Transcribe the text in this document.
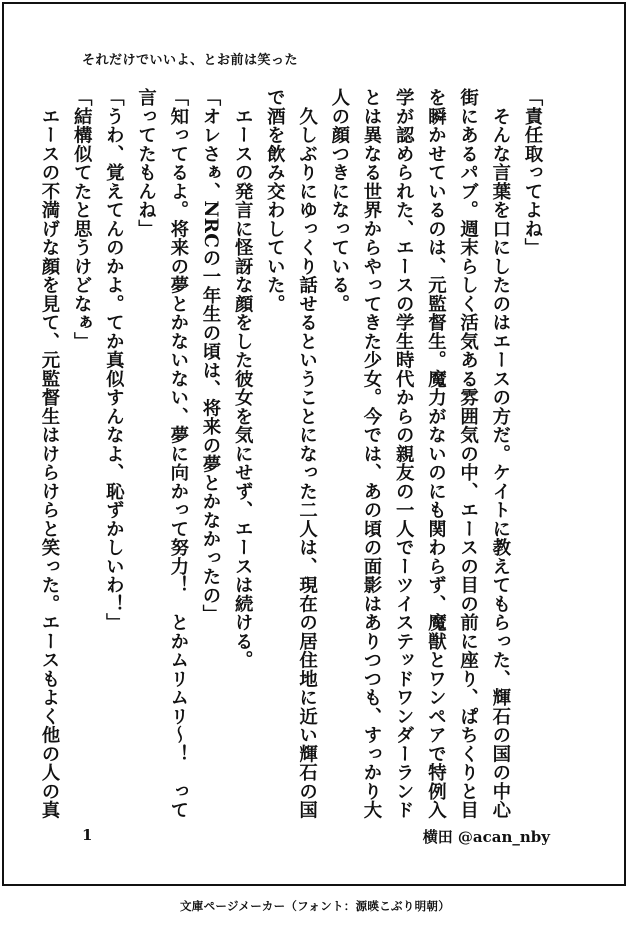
それだけでいいよ、とお前は笑った

「責任取ってよね」

　そんな言葉を口にしたのはエースの方だ。ケイトに教えてもらった、輝石の国の中心

街にあるパブ。週末らしく活気ある雰囲気の中、エースの目の前に座り、ぱちくりと目

を瞬かせているのは、元監督生。魔力がないのにも関わらず、魔獣とワンペアで特例入

学が認められた、エースの学生時代からの親友の一人でーツイステッドワンダーランド

とは異なる世界からやってきた少女。今では、あの頃の面影はありつつも、すっかり大

人の顔つきになっている。

　久しぶりにゆっくり話せるということになった二人は、現在の居住地に近い輝石の国

で酒を飲み交わしていた。

　エースの発言に怪訝な顔をした彼女を気にせず、エースは続ける。

「オレさぁ、NRCの一年生の頃は、将来の夢とかなかったの」

「知ってるよ。将来の夢とかないない、夢に向かって努力！　とかムリムリ〜！　って

言ってたもんね」

「うわ、覚えてんのかよ。てか真似すんなよ、恥ずかしいわ！」

「結構似てたと思うけどなぁ」

　エースの不満げな顔を見て、元監督生はけらけらと笑った。エースもよく他の人の真

1	横田 @acan_nby
文庫ページメーカー（フォント：源暎こぶり明朝）
